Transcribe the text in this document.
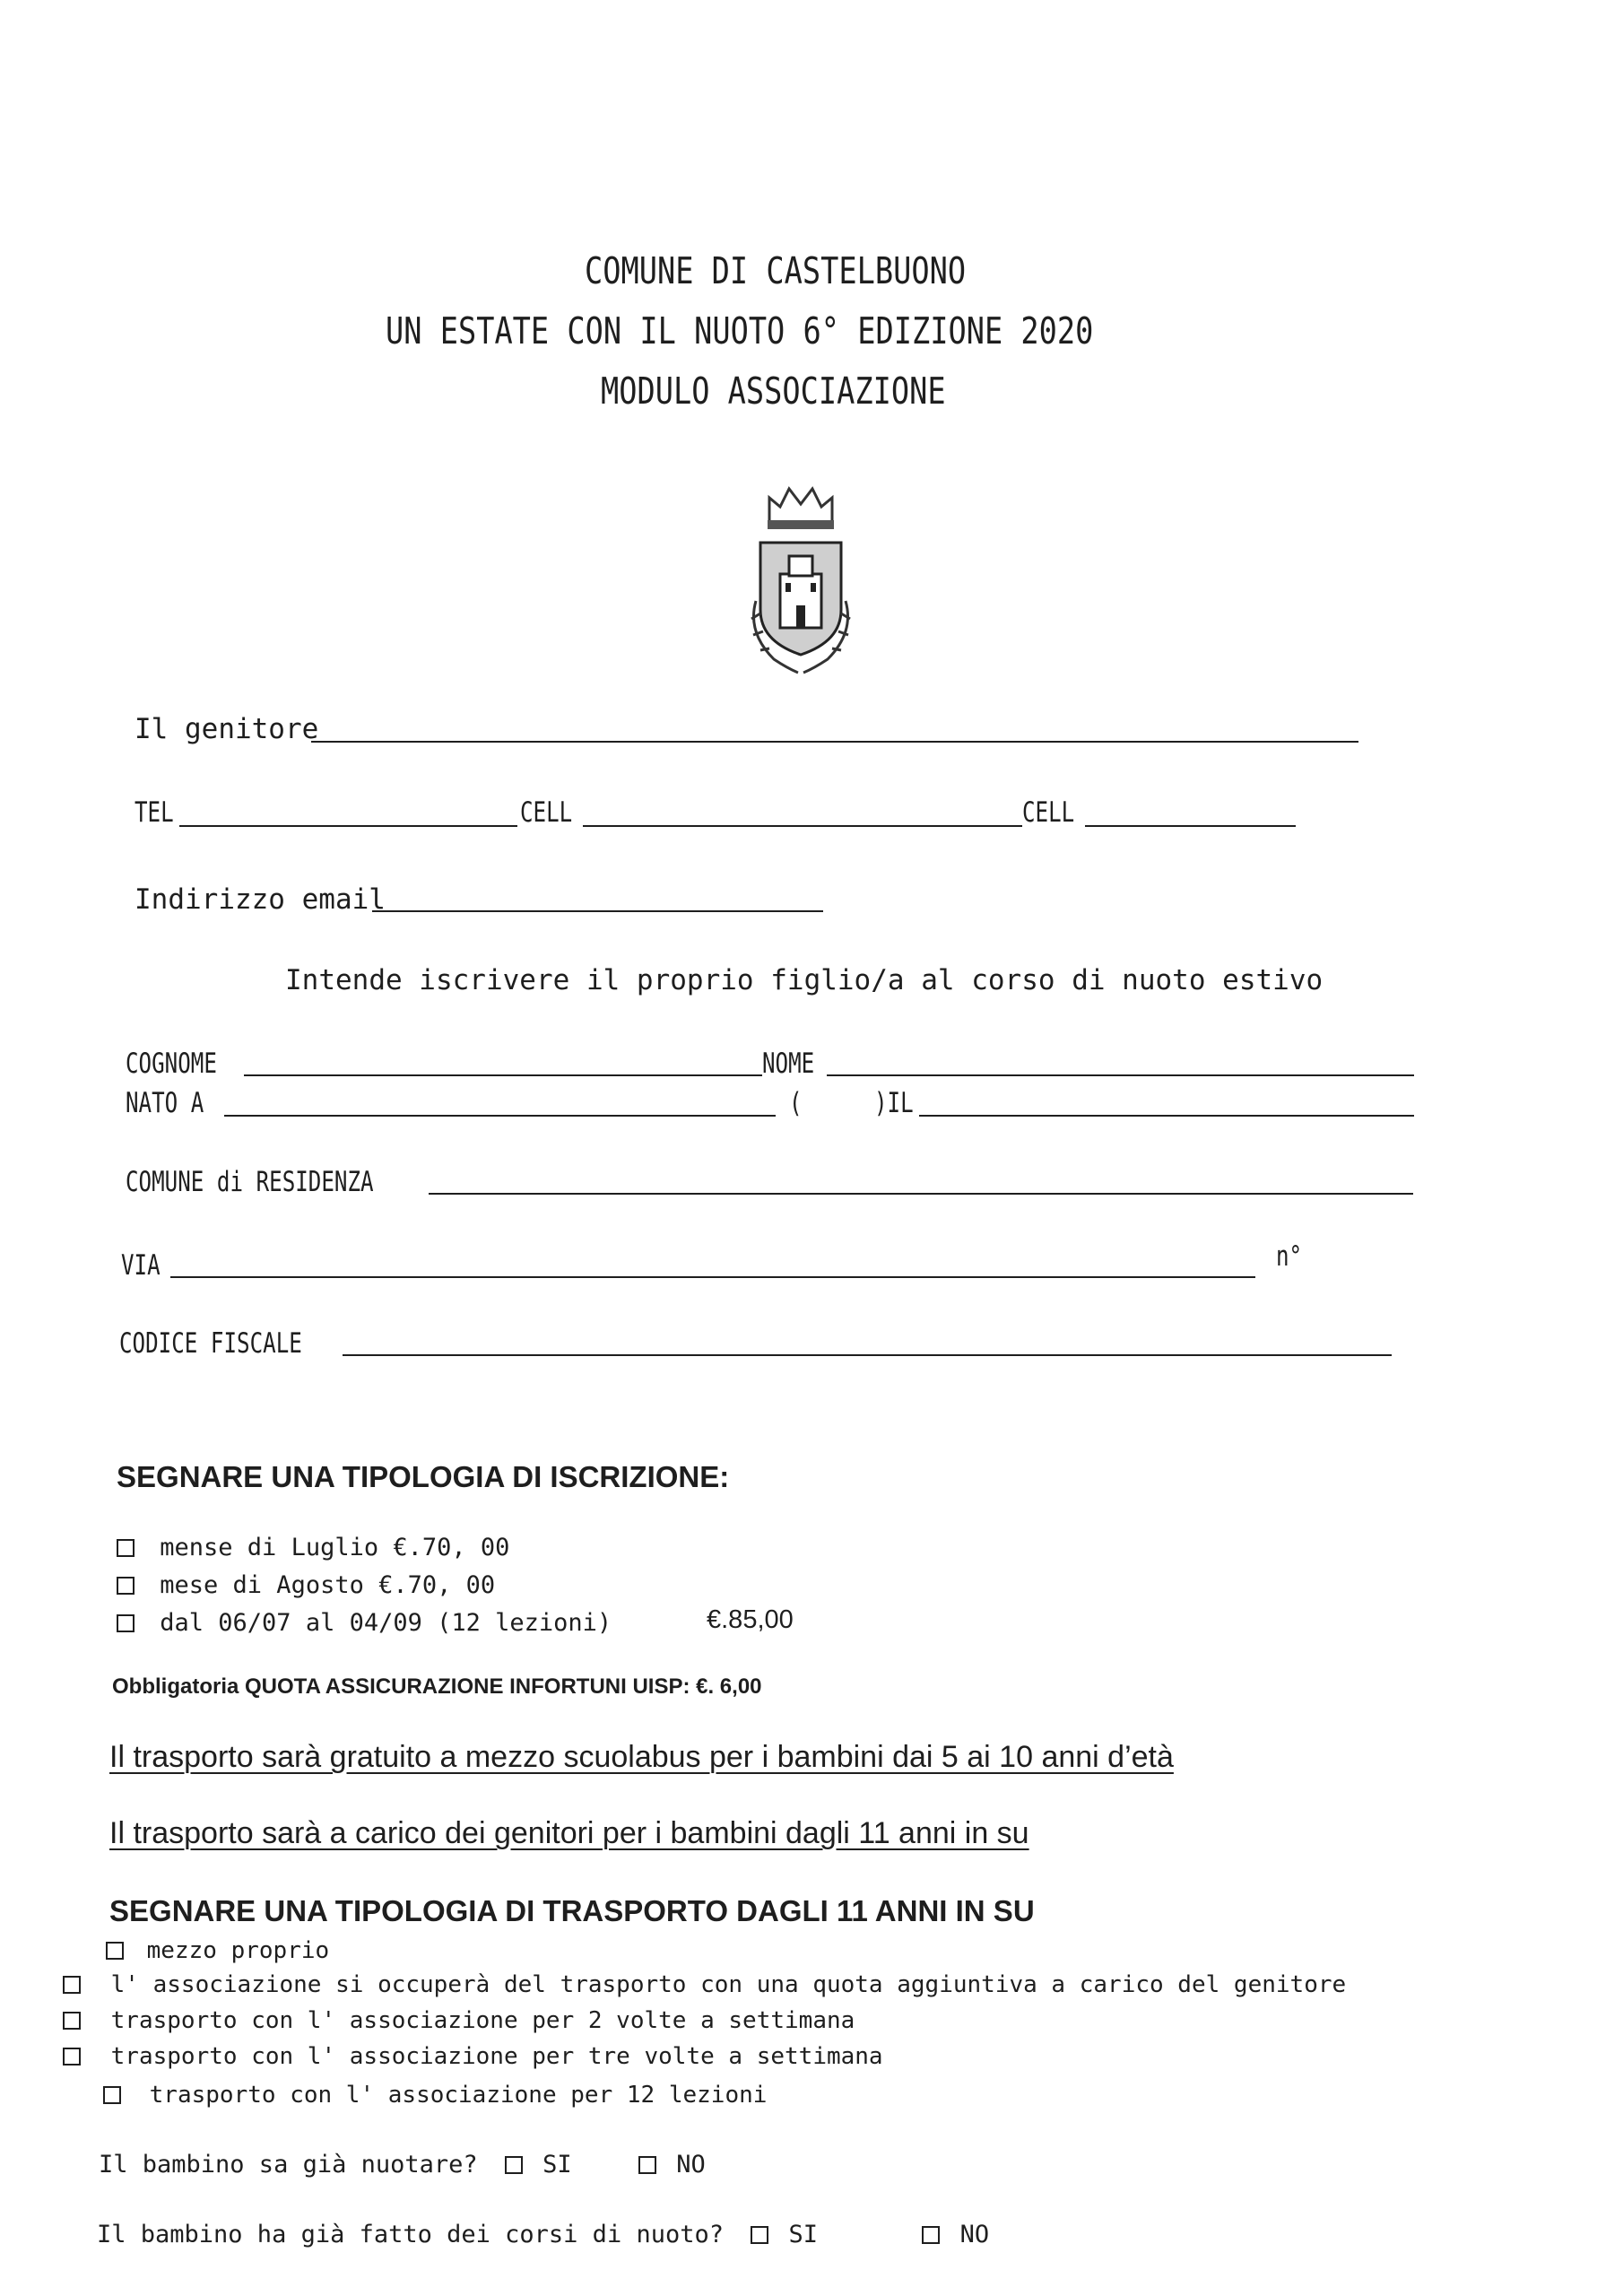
COMUNE DI CASTELBUONO
UN ESTATE CON IL NUOTO 6° EDIZIONE 2020
MODULO ASSOCIAZIONE
Il genitore
TEL	CELL	CELL
Indirizzo email
Intende iscrivere il proprio figlio/a al corso di nuoto estivo
COGNOME	NOME
NATO A	(	)IL
COMUNE di RESIDENZA
VIA	n°
CODICE FISCALE
SEGNARE UNA TIPOLOGIA DI ISCRIZIONE:
mense di Luglio €.70, 00
mese di Agosto €.70, 00
dal 06/07 al 04/09 (12 lezioni)	€.85,00
Obbligatoria QUOTA ASSICURAZIONE INFORTUNI UISP: €. 6,00
Il trasporto sarà gratuito a mezzo scuolabus per i bambini dai 5 ai 10 anni d’età
Il trasporto sarà a carico dei genitori per i bambini dagli 11 anni in su
SEGNARE UNA TIPOLOGIA DI TRASPORTO DAGLI 11 ANNI IN SU
mezzo proprio
l' associazione si occuperà del trasporto con una quota aggiuntiva a carico del genitore
trasporto con l' associazione per 2 volte a settimana
trasporto con l' associazione per tre volte a settimana
trasporto con l' associazione per 12 lezioni
Il bambino sa già nuotare?	SI	NO
Il bambino ha già fatto dei corsi di nuoto?	SI	NO
